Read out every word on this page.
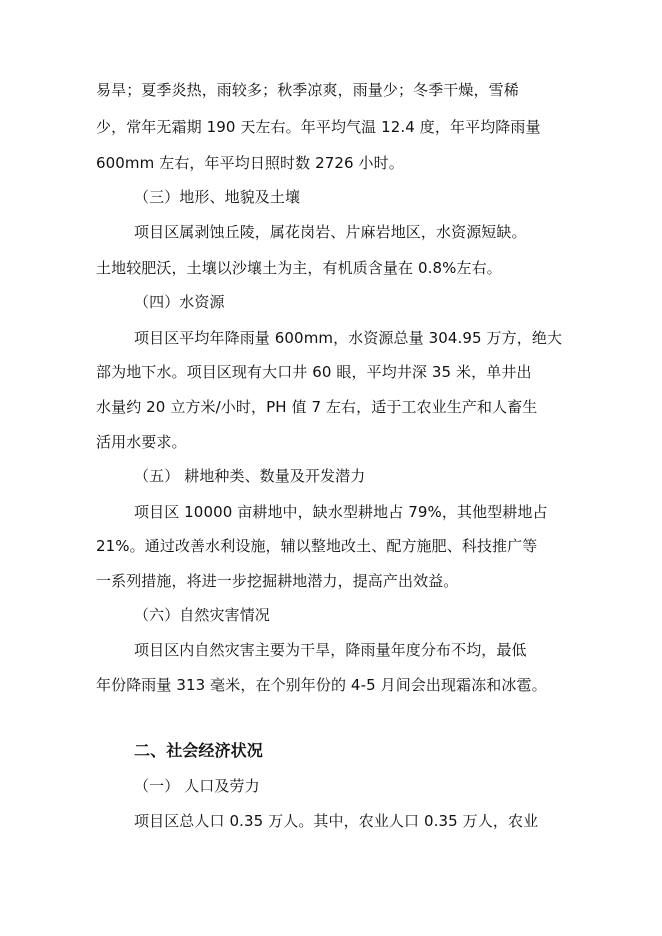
易旱；夏季炎热，雨较多；秋季凉爽，雨量少；冬季干燥，雪稀
少，常年无霜期 190 天左右。年平均气温 12.4 度，年平均降雨量
600mm 左右，年平均日照时数 2726 小时。
（三）地形、地貌及土壤
项目区属剥蚀丘陵，属花岗岩、片麻岩地区，水资源短缺。
土地较肥沃，土壤以沙壤土为主，有机质含量在 0.8%左右。
（四）水资源
项目区平均年降雨量 600mm，水资源总量 304.95 万方，绝大
部为地下水。项目区现有大口井 60 眼，平均井深 35 米，单井出
水量约 20 立方米/小时，PH 值 7 左右，适于工农业生产和人畜生
活用水要求。
（五） 耕地种类、数量及开发潜力
项目区 10000 亩耕地中，缺水型耕地占 79%，其他型耕地占
21%。通过改善水利设施，辅以整地改土、配方施肥、科技推广等
一系列措施，将进一步挖掘耕地潜力，提高产出效益。
（六）自然灾害情况
项目区内自然灾害主要为干旱，降雨量年度分布不均，最低
年份降雨量 313 毫米，在个别年份的 4-5 月间会出现霜冻和冰雹。
二、社会经济状况
（一） 人口及劳力
项目区总人口 0.35 万人。其中，农业人口 0.35 万人，农业
